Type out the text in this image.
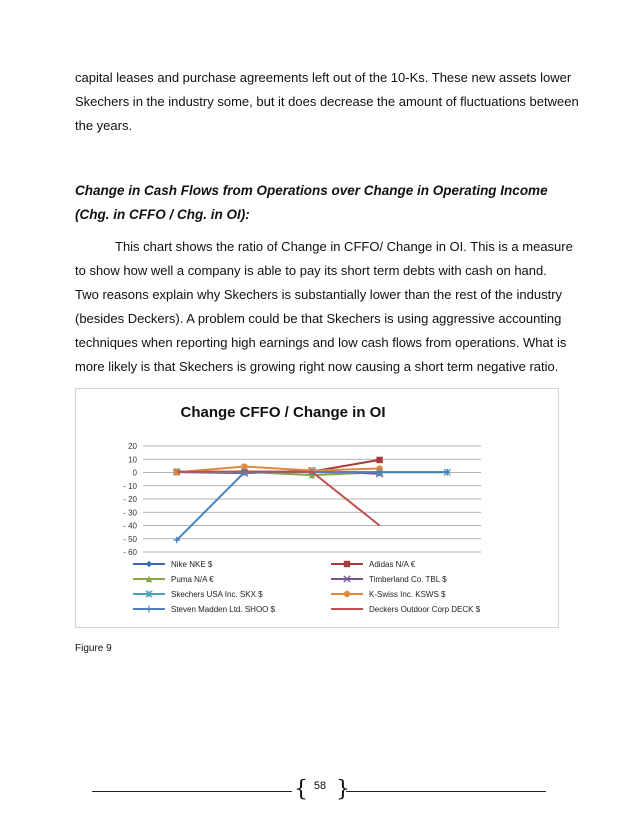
capital leases and purchase agreements left out of the 10-Ks. These new assets lower
Skechers in the industry some, but it does decrease the amount of fluctuations between
the years.
Change in Cash Flows from Operations over Change in Operating Income
(Chg. in CFFO / Chg. in OI):
This chart shows the ratio of Change in CFFO/ Change in OI. This is a measure
to show how well a company is able to pay its short term debts with cash on hand.
Two reasons explain why Skechers is substantially lower than the rest of the industry
(besides Deckers). A problem could be that Skechers is using aggressive accounting
techniques when reporting high earnings and low cash flows from operations. What is
more likely is that Skechers is growing right now causing a short term negative ratio.
20
10
0
- 10
- 20
- 30
- 40
- 50
- 60
Change CFFO / Change in OI
Nike NKE $	Adidas N/A €
Puma N/A €	Timberland Co. TBL $
Skechers USA Inc. SKX $	K-Swiss Inc. KSWS $
Steven Madden Ltd. SHOO $	Deckers Outdoor Corp DECK $
Figure 9
{ }
58
